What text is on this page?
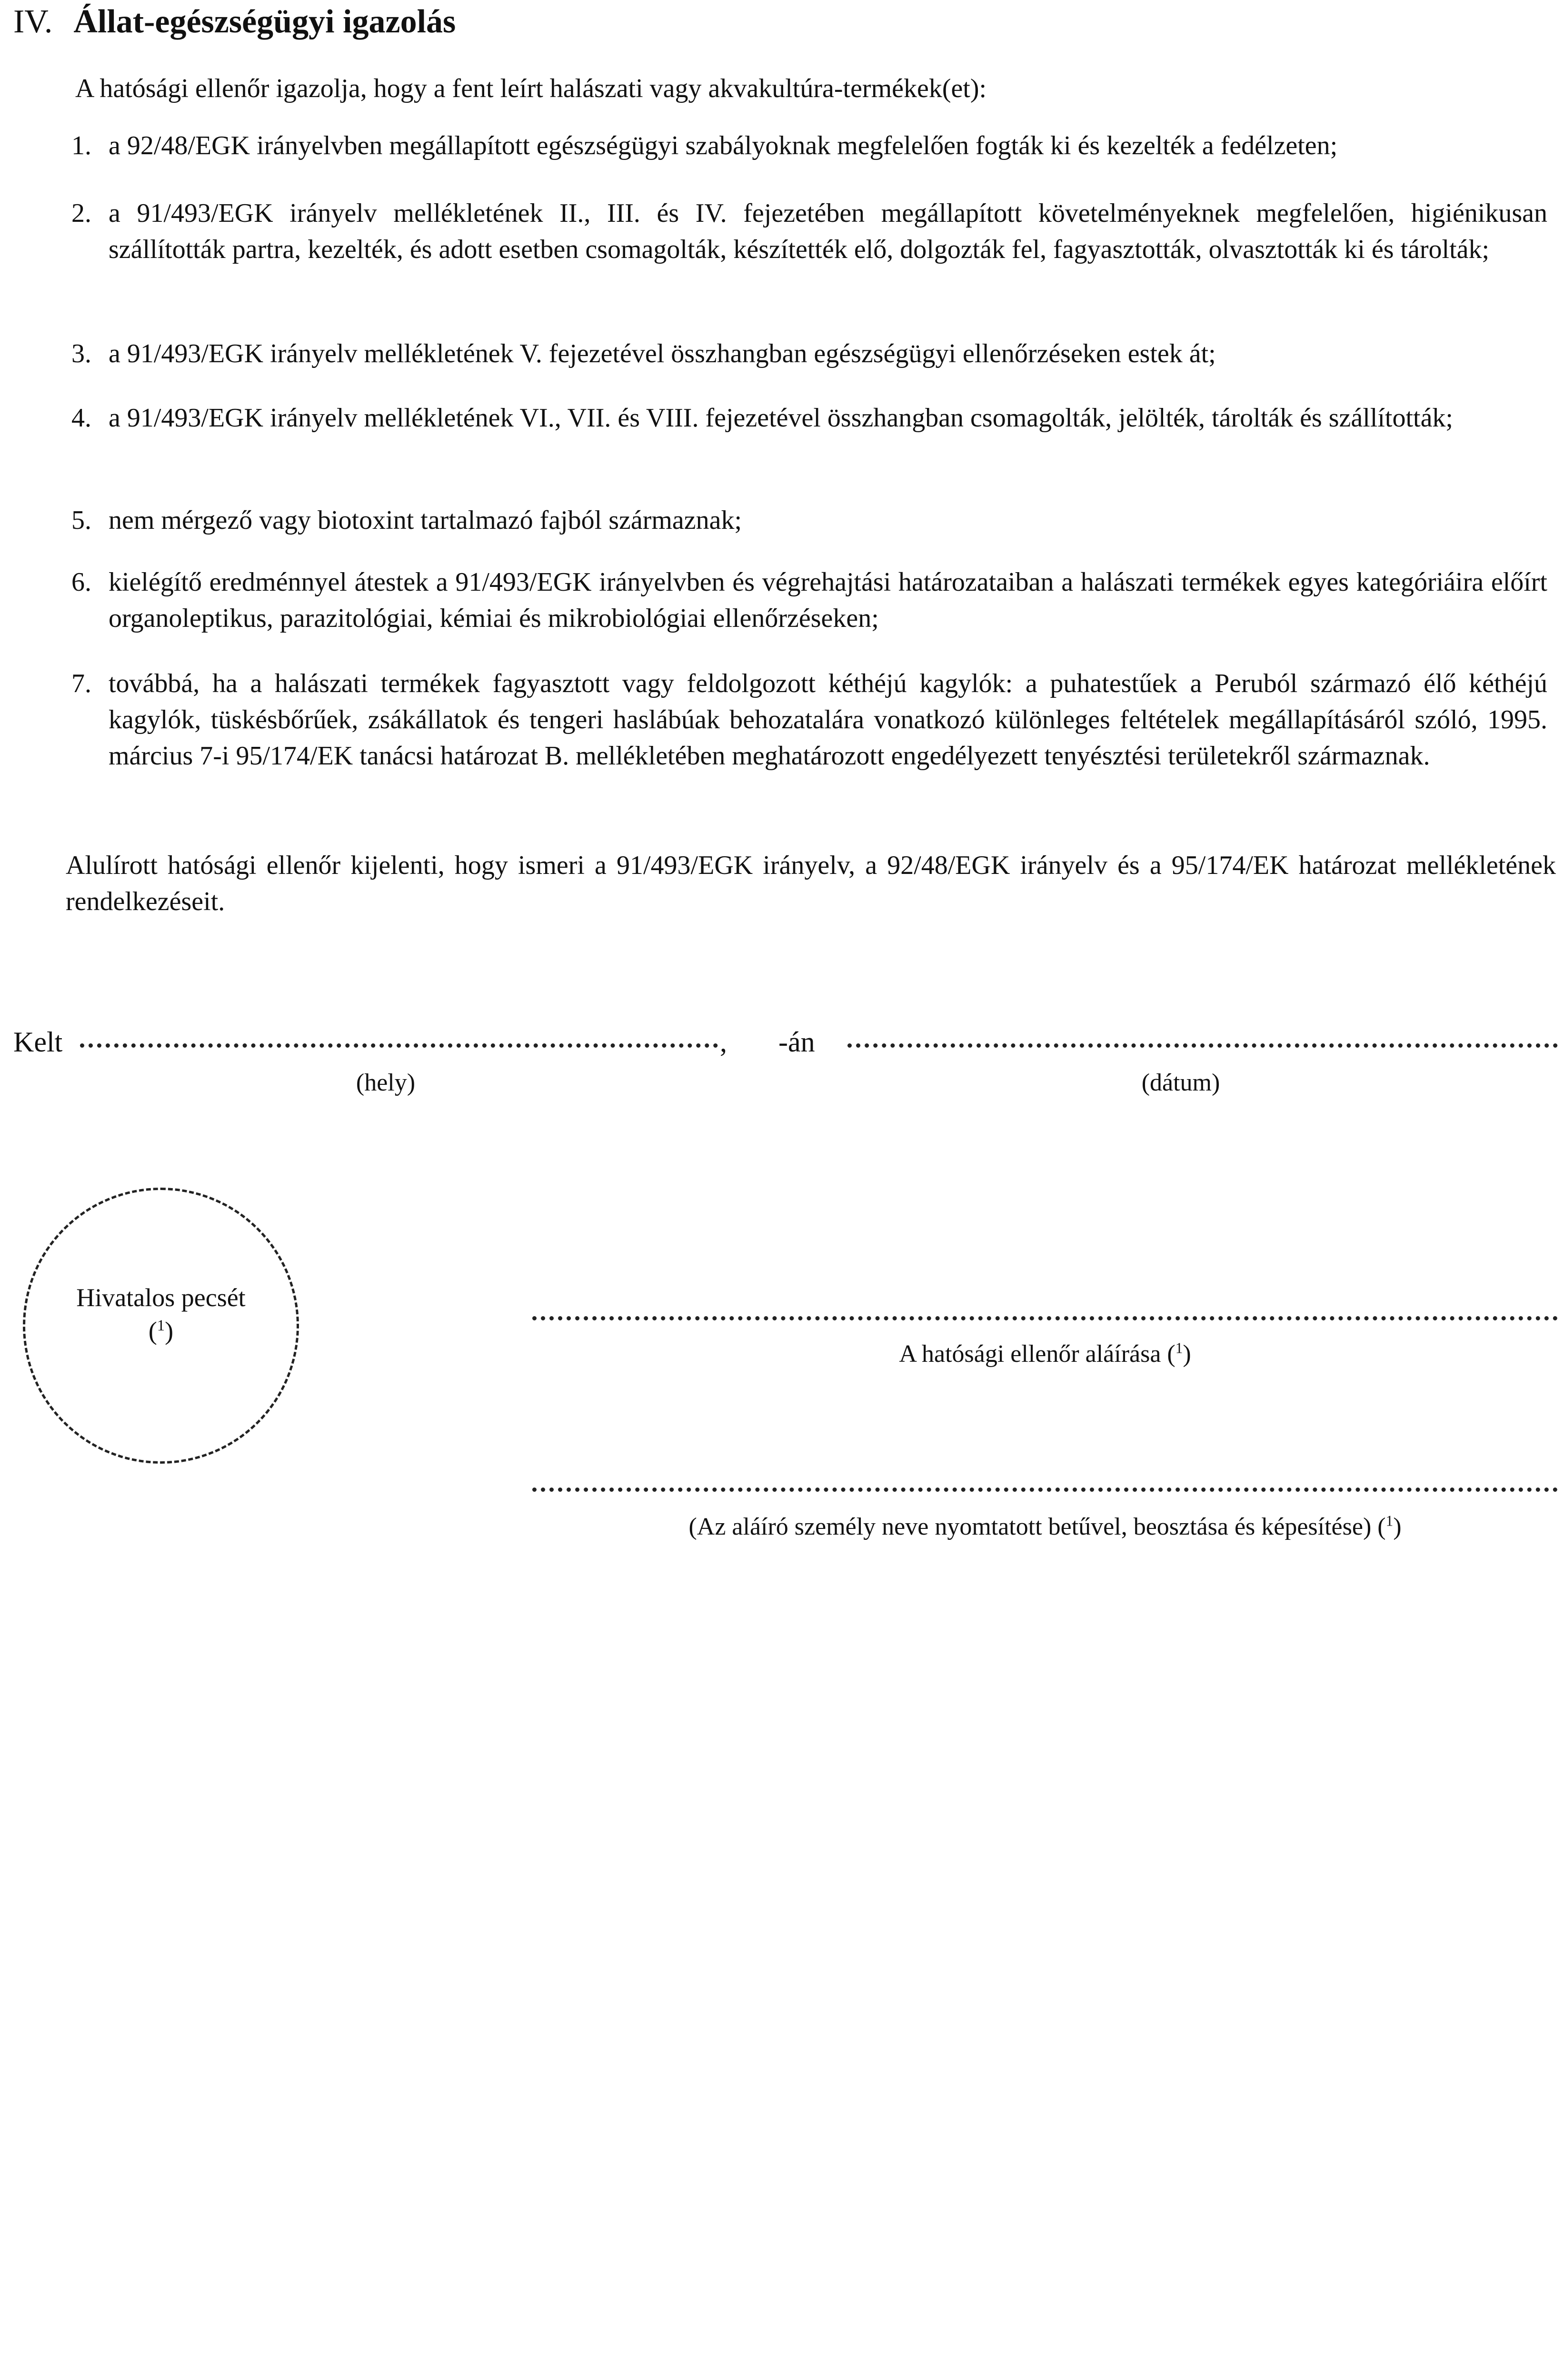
IV. Állat-egészségügyi igazolás
A hatósági ellenőr igazolja, hogy a fent leírt halászati vagy akvakultúra-termékek(et):
1. a 92/48/EGK irányelvben megállapított egészségügyi szabályoknak megfelelően fogták ki és kezelték a fedélzeten;
2. a 91/493/EGK irányelv mellékletének II., III. és IV. fejezetében megállapított követelményeknek megfelelően, higiénikusan szállították partra, kezelték, és adott esetben csomagolták, készítették elő, dolgozták fel, fagyasztották, olvasztották ki és tárolták;
3. a 91/493/EGK irányelv mellékletének V. fejezetével összhangban egészségügyi ellenőrzéseken estek át;
4. a 91/493/EGK irányelv mellékletének VI., VII. és VIII. fejezetével összhangban csomagolták, jelölték, tárolták és szállították;
5. nem mérgező vagy biotoxint tartalmazó fajból származnak;
6. kielégítő eredménnyel átestek a 91/493/EGK irányelvben és végrehajtási határozataiban a halászati termékek egyes kategóriáira előírt organoleptikus, parazitológiai, kémiai és mikrobiológiai ellenőrzéseken;
7. továbbá, ha a halászati termékek fagyasztott vagy feldolgozott kéthéjú kagylók: a puhatestűek a Peruból származó élő kéthéjú kagylók, tüskésbőrűek, zsákállatok és tengeri haslábúak behozatalára vonatkozó különleges feltételek megállapításáról szóló, 1995. március 7-i 95/174/EK tanácsi határozat B. mellékletében meghatározott engedélyezett tenyésztési területekről származnak.
Alulírott hatósági ellenőr kijelenti, hogy ismeri a 91/493/EGK irányelv, a 92/48/EGK irányelv és a 95/174/EK határozat mellékletének rendelkezéseit.
Kelt	, -án
(hely)	(dátum)
Hivatalos pecsét
($^1$)
A hatósági ellenőr aláírása ($^1$)
(Az aláíró személy neve nyomtatott betűvel, beosztása és képesítése) ($^1$)
